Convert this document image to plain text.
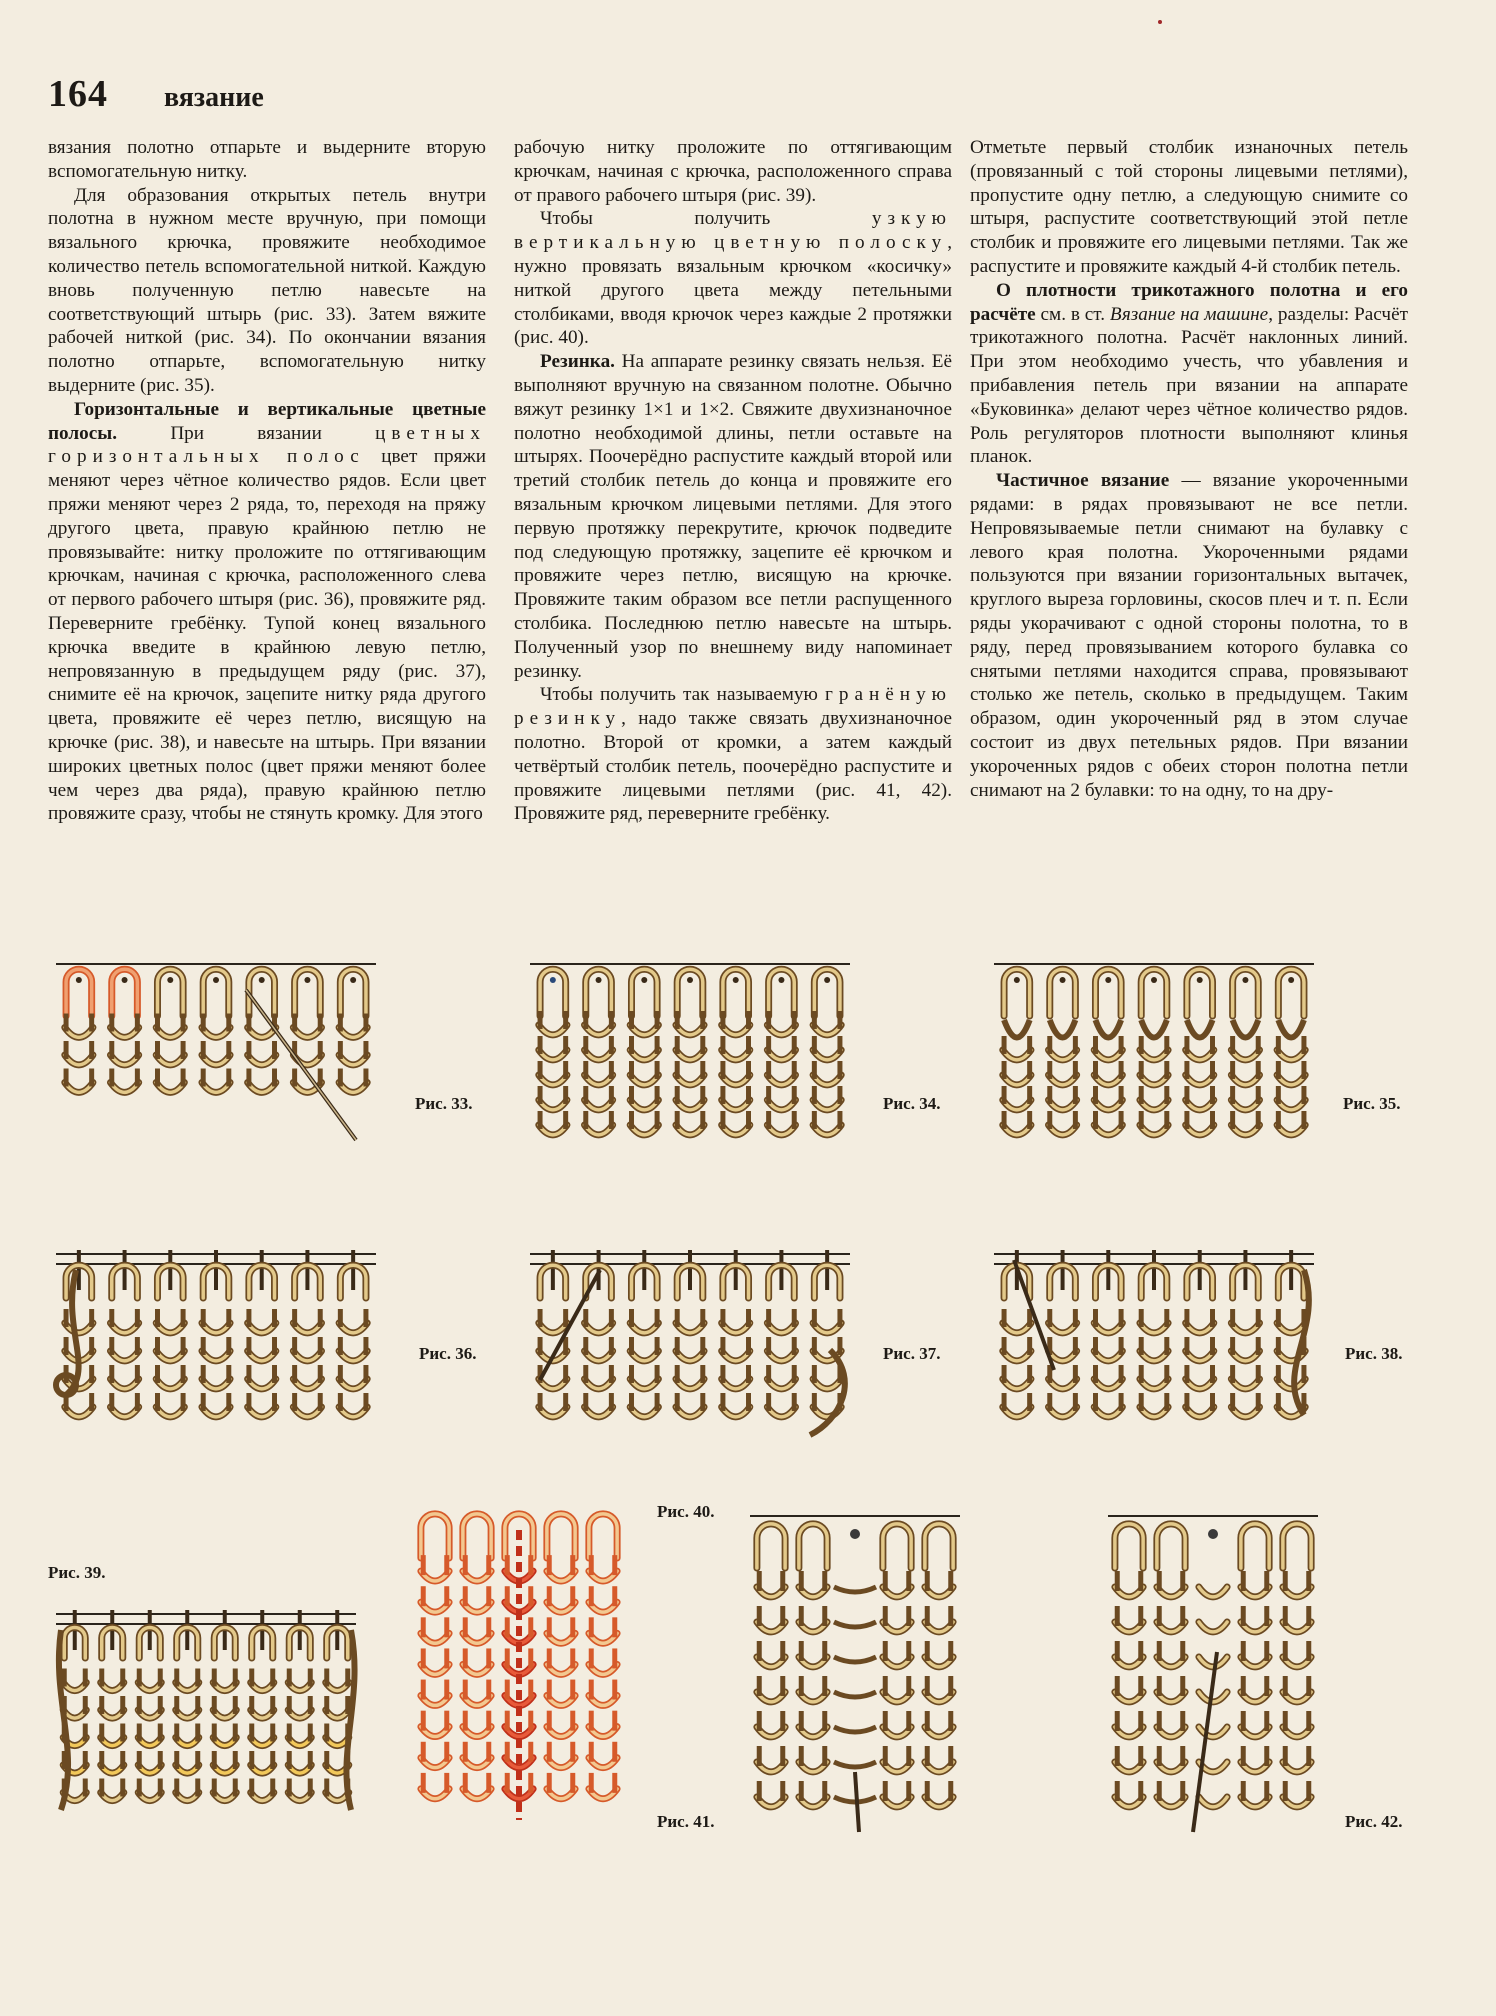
164 вязание

вязания полотно отпарьте и выдерните вторую вспомогательную нитку.

Для образования открытых петель внутри полотна в нужном месте вручную, при помощи вязального крючка, провяжите необходимое количество петель вспомогательной ниткой. Каждую вновь полученную петлю навесьте на соответствующий штырь (рис. 33). Затем вяжите рабочей ниткой (рис. 34). По окончании вязания полотно отпарьте, вспомогательную нитку выдерните (рис. 35).

Горизонтальные и вертикальные цветные полосы. При вязании цветных горизонтальных полос цвет пряжи меняют через чётное количество рядов. Если цвет пряжи меняют через 2 ряда, то, переходя на пряжу другого цвета, правую крайнюю петлю не провязывайте: нитку проложите по оттягивающим крючкам, начиная с крючка, расположенного слева от первого рабочего штыря (рис. 36), провяжите ряд. Переверните гребёнку. Тупой конец вязального крючка введите в крайнюю левую петлю, непровязанную в предыдущем ряду (рис. 37), снимите её на крючок, зацепите нитку ряда другого цвета, провяжите её через петлю, висящую на крючке (рис. 38), и навесьте на штырь. При вязании широких цветных полос (цвет пряжи меняют более чем через два ряда), правую крайнюю петлю провяжите сразу, чтобы не стянуть кромку. Для этого

рабочую нитку проложите по оттягивающим крючкам, начиная с крючка, расположенного справа от правого рабочего штыря (рис. 39).

Чтобы получить узкую вертикальную цветную полоску, нужно провязать вязальным крючком «косичку» ниткой другого цвета между петельными столбиками, вводя крючок через каждые 2 протяжки (рис. 40).

Резинка. На аппарате резинку связать нельзя. Её выполняют вручную на связанном полотне. Обычно вяжут резинку 1×1 и 1×2. Свяжите двухизнаночное полотно необходимой длины, петли оставьте на штырях. Поочерёдно распустите каждый второй или третий столбик петель до конца и провяжите его вязальным крючком лицевыми петлями. Для этого первую протяжку перекрутите, крючок подведите под следующую протяжку, зацепите её крючком и провяжите через петлю, висящую на крючке. Провяжите таким образом все петли распущенного столбика. Последнюю петлю навесьте на штырь. Полученный узор по внешнему виду напоминает резинку.

Чтобы получить так называемую гранёную резинку, надо также связать двухизнаночное полотно. Второй от кромки, а затем каждый четвёртый столбик петель, поочерёдно распустите и провяжите лицевыми петлями (рис. 41, 42). Провяжите ряд, переверните гребёнку.

Отметьте первый столбик изнаночных петель (провязанный с той стороны лицевыми петлями), пропустите одну петлю, а следующую снимите со штыря, распустите соответствующий этой петле столбик и провяжите его лицевыми петлями. Так же распустите и провяжите каждый 4-й столбик петель.

О плотности трикотажного полотна и его расчёте см. в ст. Вязание на машине, разделы: Расчёт трикотажного полотна. Расчёт наклонных линий. При этом необходимо учесть, что убавления и прибавления петель при вязании на аппарате «Буковинка» делают через чётное количество рядов. Роль регуляторов плотности выполняют клинья планок.

Частичное вязание — вязание укороченными рядами: в рядах провязывают не все петли. Непровязываемые петли снимают на булавку с левого края полотна. Укороченными рядами пользуются при вязании горизонтальных вытачек, круглого выреза горловины, скосов плеч и т. п. Если ряды укорачивают с одной стороны полотна, то в ряду, перед провязыванием которого булавка со снятыми петлями находится справа, провязывают столько же петель, сколько в предыдущем. Таким образом, один укороченный ряд в этом случае состоит из двух петельных рядов. При вязании укороченных рядов с обеих сторон полотна петли снимают на 2 булавки: то на одну, то на дру-

Рис. 33.	Рис. 34.	Рис. 35.
Рис. 36.	Рис. 37.	Рис. 38.
Рис. 39.
Рис. 40.
Рис. 41.	Рис. 42.
